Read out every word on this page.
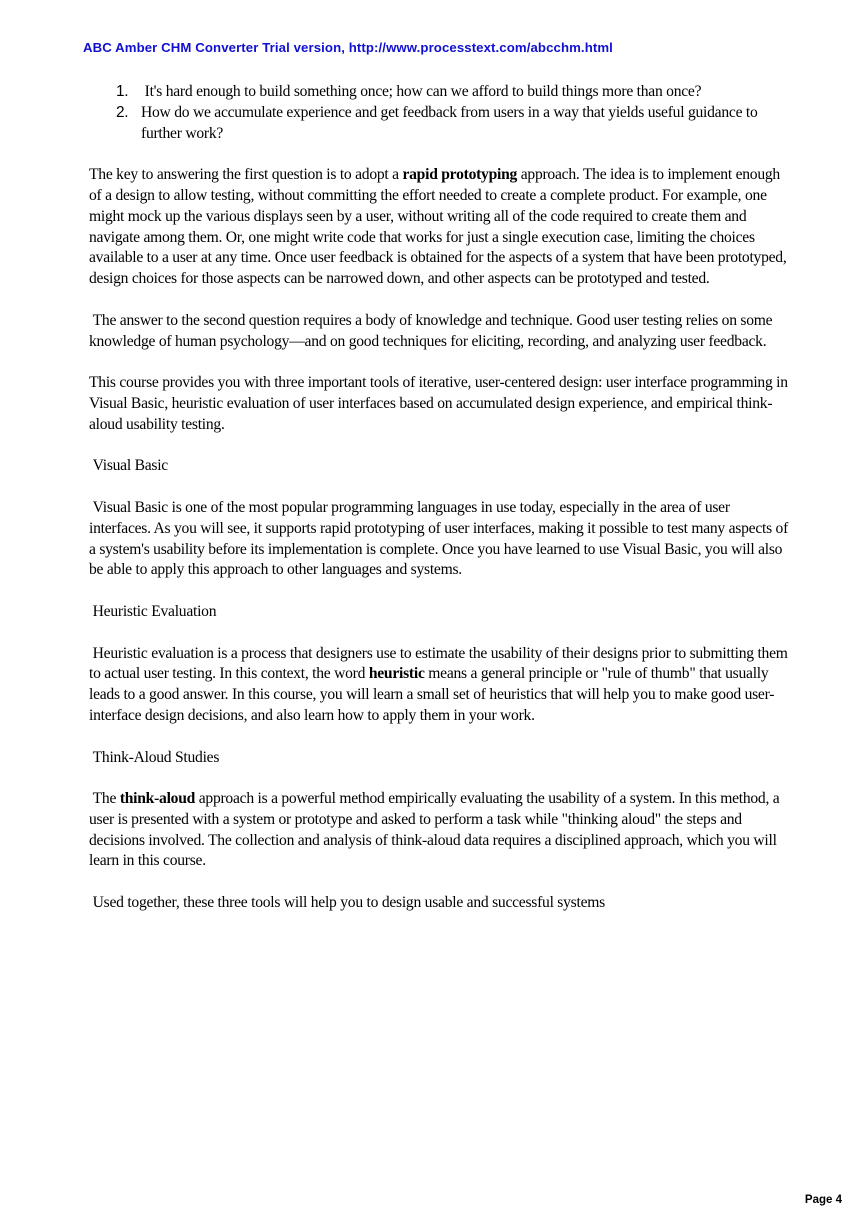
ABC Amber CHM Converter Trial version, http://www.processtext.com/abcchm.html
1. It's hard enough to build something once; how can we afford to build things more than once?
2. How do we accumulate experience and get feedback from users in a way that yields useful guidance to further work?

The key to answering the first question is to adopt a rapid prototyping approach. The idea is to implement enough of a design to allow testing, without committing the effort needed to create a complete product. For example, one might mock up the various displays seen by a user, without writing all of the code required to create them and navigate among them. Or, one might write code that works for just a single execution case, limiting the choices available to a user at any time. Once user feedback is obtained for the aspects of a system that have been prototyped, design choices for those aspects can be narrowed down, and other aspects can be prototyped and tested.

The answer to the second question requires a body of knowledge and technique. Good user testing relies on some knowledge of human psychology—and on good techniques for eliciting, recording, and analyzing user feedback.

This course provides you with three important tools of iterative, user-centered design: user interface programming in Visual Basic, heuristic evaluation of user interfaces based on accumulated design experience, and empirical think-aloud usability testing.

Visual Basic

Visual Basic is one of the most popular programming languages in use today, especially in the area of user interfaces. As you will see, it supports rapid prototyping of user interfaces, making it possible to test many aspects of a system's usability before its implementation is complete. Once you have learned to use Visual Basic, you will also be able to apply this approach to other languages and systems.

Heuristic Evaluation

Heuristic evaluation is a process that designers use to estimate the usability of their designs prior to submitting them to actual user testing. In this context, the word heuristic means a general principle or "rule of thumb" that usually leads to a good answer. In this course, you will learn a small set of heuristics that will help you to make good user-interface design decisions, and also learn how to apply them in your work.

Think-Aloud Studies

The think-aloud approach is a powerful method empirically evaluating the usability of a system. In this method, a user is presented with a system or prototype and asked to perform a task while "thinking aloud" the steps and decisions involved. The collection and analysis of think-aloud data requires a disciplined approach, which you will learn in this course.

Used together, these three tools will help you to design usable and successful systems

Page 4
